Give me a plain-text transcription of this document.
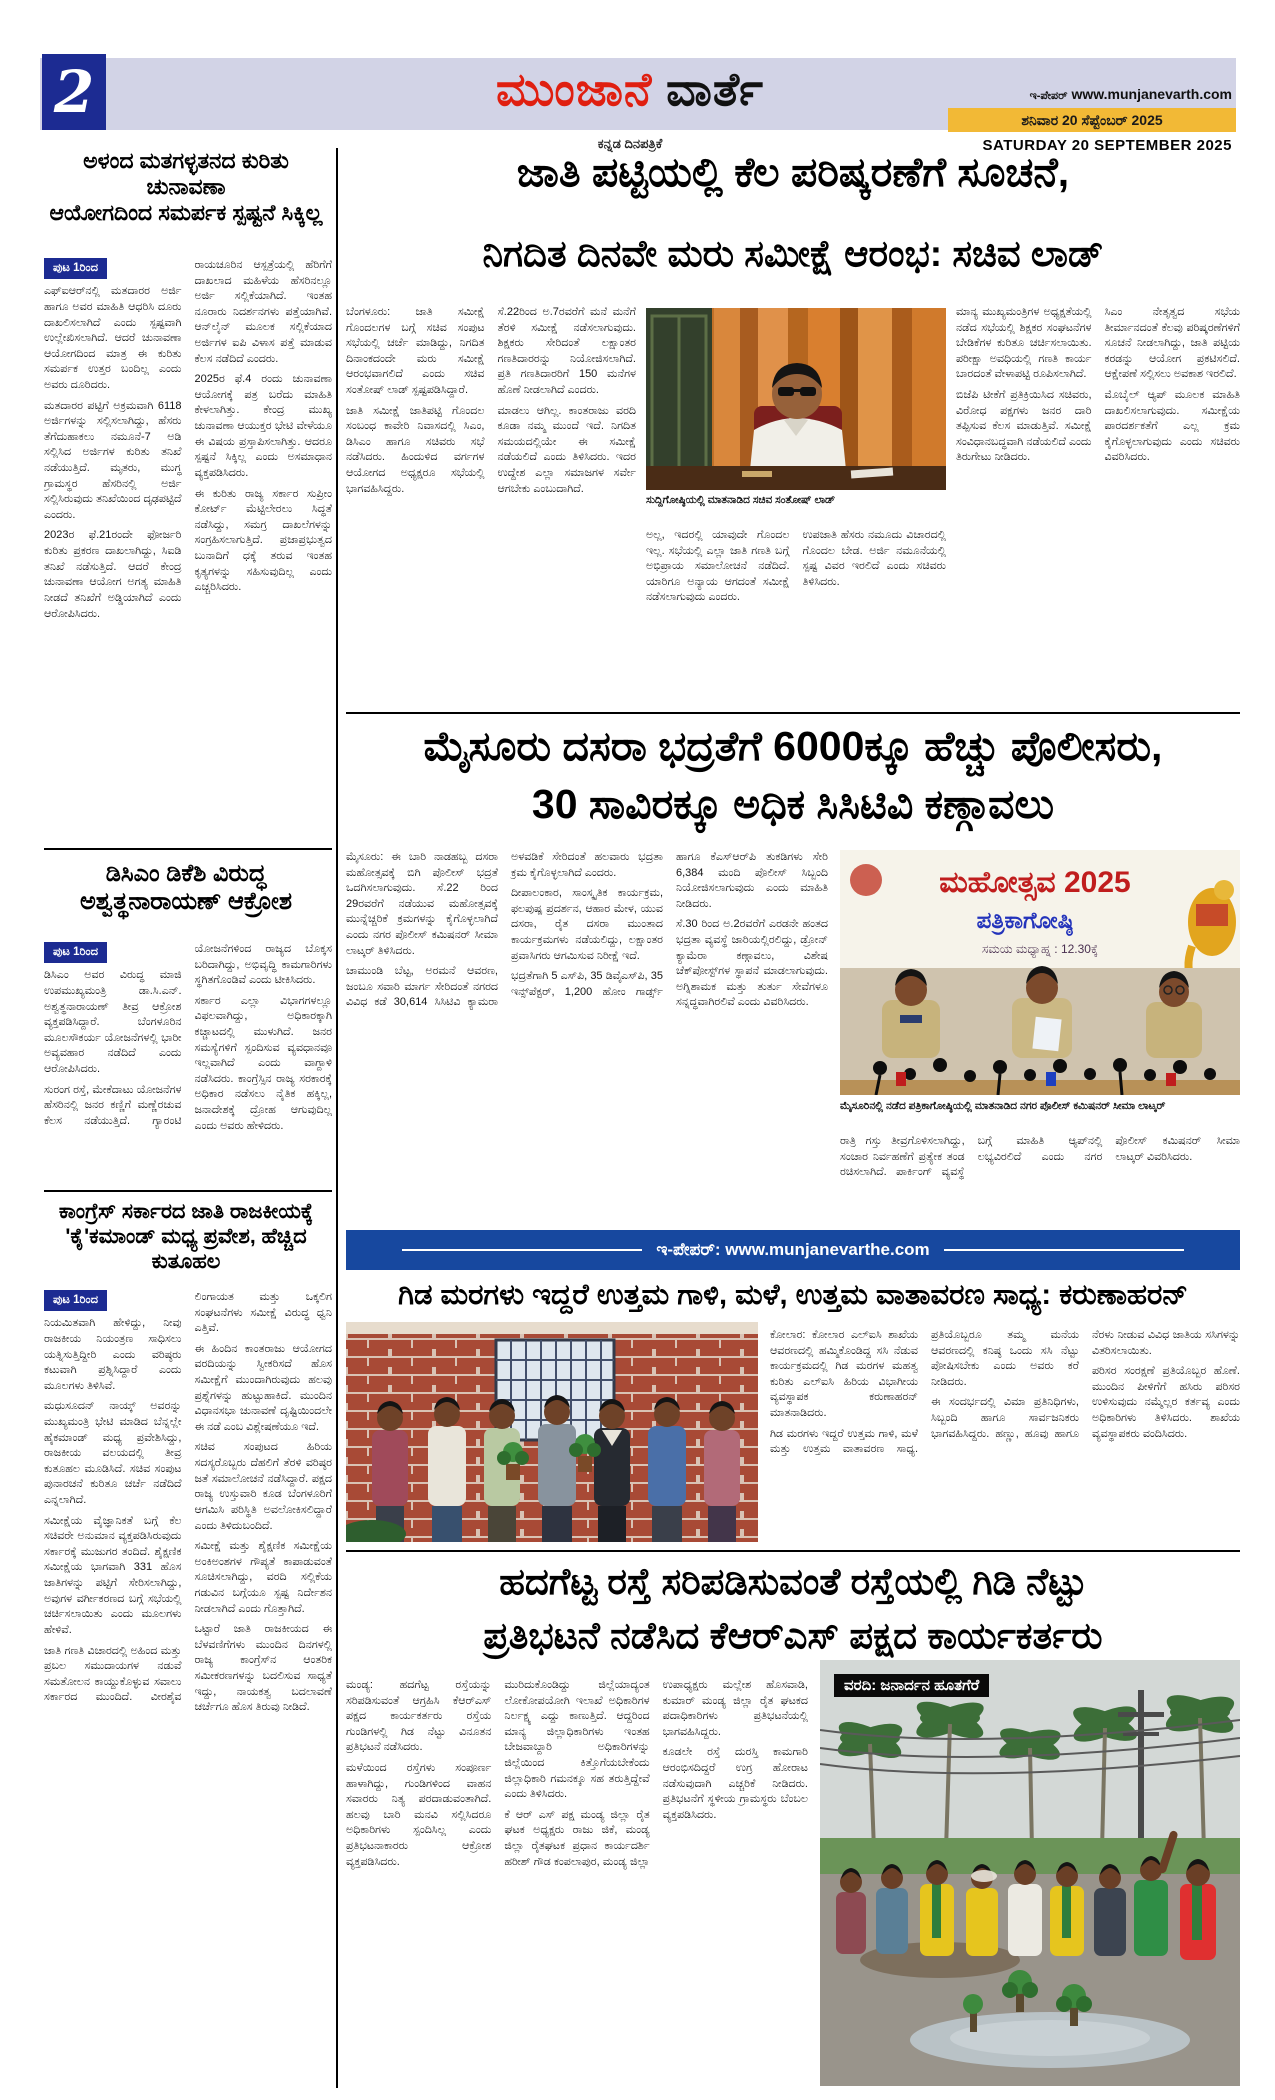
2	ಮುಂಜಾನೆ ವಾರ್ತೆ
ಕನ್ನಡ ದಿನಪತ್ರಿಕೆ
ಇ-ಪೇಪರ್ www.munjanevarth.com
ಶನಿವಾರ 20 ಸೆಪ್ಟೆಂಬರ್ 2025
SATURDAY 20 SEPTEMBER 2025
ಅಳಂದ ಮತಗಳ್ಳತನದ ಕುರಿತು ಚುನಾವಣಾ
ಆಯೋಗದಿಂದ ಸಮರ್ಪಕ ಸ್ಪಷ್ಟನೆ ಸಿಕ್ಕಿಲ್ಲ
ಪುಟ 1ರಿಂದ

ಎಫ್‌ಐಆರ್‌ನಲ್ಲಿ ಮತದಾರರ ಅರ್ಜಿ ಹಾಗೂ ಅವರ ಮಾಹಿತಿ ಆಧರಿಸಿ ದೂರು ದಾಖಲಿಸಲಾಗಿದೆ ಎಂದು ಸ್ಪಷ್ಟವಾಗಿ ಉಲ್ಲೇಖಿಸಲಾಗಿದೆ. ಆದರೆ ಚುನಾವಣಾ ಆಯೋಗದಿಂದ ಮಾತ್ರ ಈ ಕುರಿತು ಸಮರ್ಪಕ ಉತ್ತರ ಬಂದಿಲ್ಲ ಎಂದು ಅವರು ದೂರಿದರು.

ಮತದಾರರ ಪಟ್ಟಿಗೆ ಅಕ್ರಮವಾಗಿ 6118 ಅರ್ಜಿಗಳನ್ನು ಸಲ್ಲಿಸಲಾಗಿದ್ದು, ಹೆಸರು ತೆಗೆದುಹಾಕಲು ನಮೂನೆ-7 ಅಡಿ ಸಲ್ಲಿಸಿದ ಅರ್ಜಿಗಳ ಕುರಿತು ತನಿಖೆ ನಡೆಯುತ್ತಿದೆ. ಮೃತರು, ಮುಗ್ಧ ಗ್ರಾಮಸ್ಥರ ಹೆಸರಿನಲ್ಲಿ ಅರ್ಜಿ ಸಲ್ಲಿಸಿರುವುದು ತನಿಖೆಯಿಂದ ದೃಢಪಟ್ಟಿದೆ ಎಂದರು.

2023ರ ಫೆ.21ರಂದೇ ಫೋರ್ಜರಿ ಕುರಿತು ಪ್ರಕರಣ ದಾಖಲಾಗಿದ್ದು, ಸಿಐಡಿ ತನಿಖೆ ನಡೆಸುತ್ತಿದೆ. ಆದರೆ ಕೇಂದ್ರ ಚುನಾವಣಾ ಆಯೋಗ ಅಗತ್ಯ ಮಾಹಿತಿ ನೀಡದೆ ತನಿಖೆಗೆ ಅಡ್ಡಿಯಾಗಿದೆ ಎಂದು ಆರೋಪಿಸಿದರು.

ರಾಯಚೂರಿನ ಆಸ್ಪತ್ರೆಯಲ್ಲಿ ಹೆರಿಗೆಗೆ ದಾಖಲಾದ ಮಹಿಳೆಯ ಹೆಸರಿನಲ್ಲೂ ಅರ್ಜಿ ಸಲ್ಲಿಕೆಯಾಗಿದೆ. ಇಂತಹ ನೂರಾರು ನಿದರ್ಶನಗಳು ಪತ್ತೆಯಾಗಿವೆ. ಆನ್‌ಲೈನ್ ಮೂಲಕ ಸಲ್ಲಿಕೆಯಾದ ಅರ್ಜಿಗಳ ಐಪಿ ವಿಳಾಸ ಪತ್ತೆ ಮಾಡುವ ಕೆಲಸ ನಡೆದಿದೆ ಎಂದರು.

2025ರ ಫೆ.4 ರಂದು ಚುನಾವಣಾ ಆಯೋಗಕ್ಕೆ ಪತ್ರ ಬರೆದು ಮಾಹಿತಿ ಕೇಳಲಾಗಿತ್ತು. ಕೇಂದ್ರ ಮುಖ್ಯ ಚುನಾವಣಾ ಆಯುಕ್ತರ ಭೇಟಿ ವೇಳೆಯೂ ಈ ವಿಷಯ ಪ್ರಸ್ತಾಪಿಸಲಾಗಿತ್ತು. ಆದರೂ ಸ್ಪಷ್ಟನೆ ಸಿಕ್ಕಿಲ್ಲ ಎಂದು ಅಸಮಾಧಾನ ವ್ಯಕ್ತಪಡಿಸಿದರು.

ಈ ಕುರಿತು ರಾಜ್ಯ ಸರ್ಕಾರ ಸುಪ್ರೀಂ ಕೋರ್ಟ್ ಮೆಟ್ಟಿಲೇರಲು ಸಿದ್ಧತೆ ನಡೆಸಿದ್ದು, ಸಮಗ್ರ ದಾಖಲೆಗಳನ್ನು ಸಂಗ್ರಹಿಸಲಾಗುತ್ತಿದೆ. ಪ್ರಜಾಪ್ರಭುತ್ವದ ಬುನಾದಿಗೆ ಧಕ್ಕೆ ತರುವ ಇಂತಹ ಕೃತ್ಯಗಳನ್ನು ಸಹಿಸುವುದಿಲ್ಲ ಎಂದು ಎಚ್ಚರಿಸಿದರು.

ಡಿಸಿಎಂ ಡಿಕೆಶಿ ವಿರುದ್ಧ
ಅಶ್ವತ್ಥನಾರಾಯಣ್ ಆಕ್ರೋಶ
ಪುಟ 1ರಿಂದ

ಡಿಸಿಎಂ ಅವರ ವಿರುದ್ಧ ಮಾಜಿ ಉಪಮುಖ್ಯಮಂತ್ರಿ ಡಾ.ಸಿ.ಎನ್. ಅಶ್ವತ್ಥನಾರಾಯಣ್ ತೀವ್ರ ಆಕ್ರೋಶ ವ್ಯಕ್ತಪಡಿಸಿದ್ದಾರೆ. ಬೆಂಗಳೂರಿನ ಮೂಲಸೌಕರ್ಯ ಯೋಜನೆಗಳಲ್ಲಿ ಭಾರೀ ಅವ್ಯವಹಾರ ನಡೆದಿದೆ ಎಂದು ಆರೋಪಿಸಿದರು.

ಸುರಂಗ ರಸ್ತೆ, ಮೇಕೆದಾಟು ಯೋಜನೆಗಳ ಹೆಸರಿನಲ್ಲಿ ಜನರ ಕಣ್ಣಿಗೆ ಮಣ್ಣೆರಚುವ ಕೆಲಸ ನಡೆಯುತ್ತಿದೆ. ಗ್ಯಾರಂಟಿ ಯೋಜನೆಗಳಿಂದ ರಾಜ್ಯದ ಬೊಕ್ಕಸ ಬರಿದಾಗಿದ್ದು, ಅಭಿವೃದ್ಧಿ ಕಾಮಗಾರಿಗಳು ಸ್ಥಗಿತಗೊಂಡಿವೆ ಎಂದು ಟೀಕಿಸಿದರು.

ಸರ್ಕಾರ ಎಲ್ಲಾ ವಿಭಾಗಗಳಲ್ಲೂ ವಿಫಲವಾಗಿದ್ದು, ಅಧಿಕಾರಕ್ಕಾಗಿ ಕಚ್ಚಾಟದಲ್ಲಿ ಮುಳುಗಿದೆ. ಜನರ ಸಮಸ್ಯೆಗಳಿಗೆ ಸ್ಪಂದಿಸುವ ವ್ಯವಧಾನವೂ ಇಲ್ಲವಾಗಿದೆ ಎಂದು ವಾಗ್ದಾಳಿ ನಡೆಸಿದರು. ಕಾಂಗ್ರೆಸ್ಸಿನ ರಾಜ್ಯ ಸರಕಾರಕ್ಕೆ ಅಧಿಕಾರ ನಡೆಸಲು ನೈತಿಕ ಹಕ್ಕಿಲ್ಲ, ಜನಾದೇಶಕ್ಕೆ ದ್ರೋಹ ಆಗುವುದಿಲ್ಲ ಎಂದು ಅವರು ಹೇಳಿದರು.

ಕಾಂಗ್ರೆಸ್ ಸರ್ಕಾರದ ಜಾತಿ ರಾಜಕೀಯಕ್ಕೆ
'ಕೈ'ಕಮಾಂಡ್ ಮಧ್ಯ ಪ್ರವೇಶ, ಹೆಚ್ಚಿದ ಕುತೂಹಲ
ಪುಟ 1ರಿಂದ

ನಿಯಮಿತವಾಗಿ ಹೇಳಿದ್ದು, ನೀವು ರಾಜಕೀಯ ನಿಯಂತ್ರಣ ಸಾಧಿಸಲು ಯತ್ನಿಸುತ್ತಿದ್ದೀರಿ ಎಂದು ವರಿಷ್ಠರು ಕಟುವಾಗಿ ಪ್ರಶ್ನಿಸಿದ್ದಾರೆ ಎಂದು ಮೂಲಗಳು ತಿಳಿಸಿವೆ.

ಮಧುಸೂದನ್ ನಾಯ್ಕ್ ಅವರನ್ನು ಮುಖ್ಯಮಂತ್ರಿ ಭೇಟಿ ಮಾಡಿದ ಬೆನ್ನಲ್ಲೇ ಹೈಕಮಾಂಡ್ ಮಧ್ಯ ಪ್ರವೇಶಿಸಿದ್ದು, ರಾಜಕೀಯ ವಲಯದಲ್ಲಿ ತೀವ್ರ ಕುತೂಹಲ ಮೂಡಿಸಿದೆ. ಸಚಿವ ಸಂಪುಟ ಪುನಾರಚನೆ ಕುರಿತೂ ಚರ್ಚೆ ನಡೆದಿದೆ ಎನ್ನಲಾಗಿದೆ.

ಸಮೀಕ್ಷೆಯ ವೈಜ್ಞಾನಿಕತೆ ಬಗ್ಗೆ ಕೆಲ ಸಚಿವರೇ ಅನುಮಾನ ವ್ಯಕ್ತಪಡಿಸಿರುವುದು ಸರ್ಕಾರಕ್ಕೆ ಮುಜುಗರ ತಂದಿದೆ. ಶೈಕ್ಷಣಿಕ ಸಮೀಕ್ಷೆಯ ಭಾಗವಾಗಿ 331 ಹೊಸ ಜಾತಿಗಳನ್ನು ಪಟ್ಟಿಗೆ ಸೇರಿಸಲಾಗಿದ್ದು, ಅವುಗಳ ವರ್ಗೀಕರಣದ ಬಗ್ಗೆ ಸಭೆಯಲ್ಲಿ ಚರ್ಚಿಸಲಾಯಿತು ಎಂದು ಮೂಲಗಳು ಹೇಳಿವೆ.

ಜಾತಿ ಗಣತಿ ವಿಚಾರದಲ್ಲಿ ಅಹಿಂದ ಮತ್ತು ಪ್ರಬಲ ಸಮುದಾಯಗಳ ನಡುವೆ ಸಮತೋಲನ ಕಾಯ್ದುಕೊಳ್ಳುವ ಸವಾಲು ಸರ್ಕಾರದ ಮುಂದಿದೆ. ವೀರಶೈವ ಲಿಂಗಾಯತ ಮತ್ತು ಒಕ್ಕಲಿಗ ಸಂಘಟನೆಗಳು ಸಮೀಕ್ಷೆ ವಿರುದ್ಧ ಧ್ವನಿ ಎತ್ತಿವೆ.

ಈ ಹಿಂದಿನ ಕಾಂತರಾಜು ಆಯೋಗದ ವರದಿಯನ್ನು ಸ್ವೀಕರಿಸದೆ ಹೊಸ ಸಮೀಕ್ಷೆಗೆ ಮುಂದಾಗಿರುವುದು ಹಲವು ಪ್ರಶ್ನೆಗಳನ್ನು ಹುಟ್ಟುಹಾಕಿದೆ. ಮುಂದಿನ ವಿಧಾನಸಭಾ ಚುನಾವಣೆ ದೃಷ್ಟಿಯಿಂದಲೇ ಈ ನಡೆ ಎಂಬ ವಿಶ್ಲೇಷಣೆಯೂ ಇದೆ.

ಸಚಿವ ಸಂಪುಟದ ಹಿರಿಯ ಸದಸ್ಯರೊಬ್ಬರು ದೆಹಲಿಗೆ ತೆರಳಿ ವರಿಷ್ಠರ ಜತೆ ಸಮಾಲೋಚನೆ ನಡೆಸಿದ್ದಾರೆ. ಪಕ್ಷದ ರಾಜ್ಯ ಉಸ್ತುವಾರಿ ಕೂಡ ಬೆಂಗಳೂರಿಗೆ ಆಗಮಿಸಿ ಪರಿಸ್ಥಿತಿ ಅವಲೋಕಿಸಲಿದ್ದಾರೆ ಎಂದು ತಿಳಿದುಬಂದಿದೆ.

ಸಮೀಕ್ಷೆ ಮತ್ತು ಶೈಕ್ಷಣಿಕ ಸಮೀಕ್ಷೆಯ ಅಂಕಿಅಂಶಗಳ ಗೌಪ್ಯತೆ ಕಾಪಾಡುವಂತೆ ಸೂಚಿಸಲಾಗಿದ್ದು, ವರದಿ ಸಲ್ಲಿಕೆಯ ಗಡುವಿನ ಬಗ್ಗೆಯೂ ಸ್ಪಷ್ಟ ನಿರ್ದೇಶನ ನೀಡಲಾಗಿದೆ ಎಂದು ಗೊತ್ತಾಗಿದೆ.

ಒಟ್ಟಾರೆ ಜಾತಿ ರಾಜಕೀಯದ ಈ ಬೆಳವಣಿಗೆಗಳು ಮುಂದಿನ ದಿನಗಳಲ್ಲಿ ರಾಜ್ಯ ಕಾಂಗ್ರೆಸ್‌ನ ಆಂತರಿಕ ಸಮೀಕರಣಗಳನ್ನು ಬದಲಿಸುವ ಸಾಧ್ಯತೆ ಇದ್ದು, ನಾಯಕತ್ವ ಬದಲಾವಣೆ ಚರ್ಚೆಗೂ ಹೊಸ ತಿರುವು ನೀಡಿದೆ.

ಜಾತಿ ಪಟ್ಟಿಯಲ್ಲಿ ಕೆಲ ಪರಿಷ್ಕರಣೆಗೆ ಸೂಚನೆ,
ನಿಗದಿತ ದಿನವೇ ಮರು ಸಮೀಕ್ಷೆ ಆರಂಭ: ಸಚಿವ ಲಾಡ್

ಬೆಂಗಳೂರು: ಜಾತಿ ಸಮೀಕ್ಷೆ ಗೊಂದಲಗಳ ಬಗ್ಗೆ ಸಚಿವ ಸಂಪುಟ ಸಭೆಯಲ್ಲಿ ಚರ್ಚೆ ಮಾಡಿದ್ದು, ನಿಗದಿತ ದಿನಾಂಕದಂದೇ ಮರು ಸಮೀಕ್ಷೆ ಆರಂಭವಾಗಲಿದೆ ಎಂದು ಸಚಿವ ಸಂತೋಷ್ ಲಾಡ್ ಸ್ಪಷ್ಟಪಡಿಸಿದ್ದಾರೆ.

ಜಾತಿ ಸಮೀಕ್ಷೆ ಜಾತಿಪಟ್ಟಿ ಗೊಂದಲ ಸಂಬಂಧ ಕಾವೇರಿ ನಿವಾಸದಲ್ಲಿ ಸಿಎಂ, ಡಿಸಿಎಂ ಹಾಗೂ ಸಚಿವರು ಸಭೆ ನಡೆಸಿದರು. ಹಿಂದುಳಿದ ವರ್ಗಗಳ ಆಯೋಗದ ಅಧ್ಯಕ್ಷರೂ ಸಭೆಯಲ್ಲಿ ಭಾಗವಹಿಸಿದ್ದರು.

ಸೆ.22ರಿಂದ ಅ.7ರವರೆಗೆ ಮನೆ ಮನೆಗೆ ತೆರಳಿ ಸಮೀಕ್ಷೆ ನಡೆಸಲಾಗುವುದು. ಶಿಕ್ಷಕರು ಸೇರಿದಂತೆ ಲಕ್ಷಾಂತರ ಗಣತಿದಾರರನ್ನು ನಿಯೋಜಿಸಲಾಗಿದೆ. ಪ್ರತಿ ಗಣತಿದಾರರಿಗೆ 150 ಮನೆಗಳ ಹೊಣೆ ನೀಡಲಾಗಿದೆ ಎಂದರು.

ಮಾಡಲು ಆಗಿಲ್ಲ. ಕಾಂತರಾಜು ವರದಿ ಕೂಡಾ ನಮ್ಮ ಮುಂದೆ ಇದೆ. ನಿಗದಿತ ಸಮಯದಲ್ಲಿಯೇ ಈ ಸಮೀಕ್ಷೆ ನಡೆಯಲಿದೆ ಎಂದು ತಿಳಿಸಿದರು. ಇದರ ಉದ್ದೇಶ ಎಲ್ಲಾ ಸಮಾಜಗಳ ಸರ್ವೇ ಆಗಬೇಕು ಎಂಬುದಾಗಿದೆ.

ಸುದ್ದಿಗೋಷ್ಠಿಯಲ್ಲಿ ಮಾತನಾಡಿದ ಸಚಿವ ಸಂತೋಷ್ ಲಾಡ್

ಅಲ್ಲ, ಇದರಲ್ಲಿ ಯಾವುದೇ ಗೊಂದಲ ಇಲ್ಲ. ಸಭೆಯಲ್ಲಿ ಎಲ್ಲಾ ಜಾತಿ ಗಣತಿ ಬಗ್ಗೆ ಅಭಿಪ್ರಾಯ ಸಮಾಲೋಚನೆ ನಡೆದಿದೆ. ಯಾರಿಗೂ ಅನ್ಯಾಯ ಆಗದಂತೆ ಸಮೀಕ್ಷೆ ನಡೆಸಲಾಗುವುದು ಎಂದರು.

ಉಪಜಾತಿ ಹೆಸರು ನಮೂದು ವಿಚಾರದಲ್ಲಿ ಗೊಂದಲ ಬೇಡ. ಅರ್ಜಿ ನಮೂನೆಯಲ್ಲಿ ಸ್ಪಷ್ಟ ವಿವರ ಇರಲಿದೆ ಎಂದು ಸಚಿವರು ತಿಳಿಸಿದರು.

ಮಾನ್ಯ ಮುಖ್ಯಮಂತ್ರಿಗಳ ಅಧ್ಯಕ್ಷತೆಯಲ್ಲಿ ನಡೆದ ಸಭೆಯಲ್ಲಿ ಶಿಕ್ಷಕರ ಸಂಘಟನೆಗಳ ಬೇಡಿಕೆಗಳ ಕುರಿತೂ ಚರ್ಚಿಸಲಾಯಿತು. ಪರೀಕ್ಷಾ ಅವಧಿಯಲ್ಲಿ ಗಣತಿ ಕಾರ್ಯ ಬಾರದಂತೆ ವೇಳಾಪಟ್ಟಿ ರೂಪಿಸಲಾಗಿದೆ.

ಬಿಜೆಪಿ ಟೀಕೆಗೆ ಪ್ರತಿಕ್ರಿಯಿಸಿದ ಸಚಿವರು, ವಿರೋಧ ಪಕ್ಷಗಳು ಜನರ ದಾರಿ ತಪ್ಪಿಸುವ ಕೆಲಸ ಮಾಡುತ್ತಿವೆ. ಸಮೀಕ್ಷೆ ಸಂವಿಧಾನಬದ್ಧವಾಗಿ ನಡೆಯಲಿದೆ ಎಂದು ತಿರುಗೇಟು ನೀಡಿದರು.

ಸಿಎಂ ನೇತೃತ್ವದ ಸಭೆಯ ತೀರ್ಮಾನದಂತೆ ಕೆಲವು ಪರಿಷ್ಕರಣೆಗಳಿಗೆ ಸೂಚನೆ ನೀಡಲಾಗಿದ್ದು, ಜಾತಿ ಪಟ್ಟಿಯ ಕರಡನ್ನು ಆಯೋಗ ಪ್ರಕಟಿಸಲಿದೆ. ಆಕ್ಷೇಪಣೆ ಸಲ್ಲಿಸಲು ಅವಕಾಶ ಇರಲಿದೆ.

ಮೊಬೈಲ್ ಆ್ಯಪ್ ಮೂಲಕ ಮಾಹಿತಿ ದಾಖಲಿಸಲಾಗುವುದು. ಸಮೀಕ್ಷೆಯ ಪಾರದರ್ಶಕತೆಗೆ ಎಲ್ಲ ಕ್ರಮ ಕೈಗೊಳ್ಳಲಾಗುವುದು ಎಂದು ಸಚಿವರು ವಿವರಿಸಿದರು.

ಮೈಸೂರು ದಸರಾ ಭದ್ರತೆಗೆ 6000ಕ್ಕೂ ಹೆಚ್ಚು ಪೊಲೀಸರು,
30 ಸಾವಿರಕ್ಕೂ ಅಧಿಕ ಸಿಸಿಟಿವಿ ಕಣ್ಗಾವಲು

ಮೈಸೂರು: ಈ ಬಾರಿ ನಾಡಹಬ್ಬ ದಸರಾ ಮಹೋತ್ಸವಕ್ಕೆ ಬಿಗಿ ಪೊಲೀಸ್ ಭದ್ರತೆ ಒದಗಿಸಲಾಗುವುದು. ಸೆ.22 ರಿಂದ 29ರವರೆಗೆ ನಡೆಯುವ ಮಹೋತ್ಸವಕ್ಕೆ ಮುನ್ನೆಚ್ಚರಿಕೆ ಕ್ರಮಗಳನ್ನು ಕೈಗೊಳ್ಳಲಾಗಿದೆ ಎಂದು ನಗರ ಪೊಲೀಸ್ ಕಮಿಷನರ್ ಸೀಮಾ ಲಾಟ್ಕರ್ ತಿಳಿಸಿದರು.

ಚಾಮುಂಡಿ ಬೆಟ್ಟ, ಅರಮನೆ ಆವರಣ, ಜಂಬೂ ಸವಾರಿ ಮಾರ್ಗ ಸೇರಿದಂತೆ ನಗರದ ವಿವಿಧ ಕಡೆ 30,614 ಸಿಸಿಟಿವಿ ಕ್ಯಾಮರಾ ಅಳವಡಿಕೆ ಸೇರಿದಂತೆ ಹಲವಾರು ಭದ್ರತಾ ಕ್ರಮ ಕೈಗೊಳ್ಳಲಾಗಿದೆ ಎಂದರು.

ದೀಪಾಲಂಕಾರ, ಸಾಂಸ್ಕೃತಿಕ ಕಾರ್ಯಕ್ರಮ, ಫಲಪುಷ್ಪ ಪ್ರದರ್ಶನ, ಆಹಾರ ಮೇಳ, ಯುವ ದಸರಾ, ರೈತ ದಸರಾ ಮುಂತಾದ ಕಾರ್ಯಕ್ರಮಗಳು ನಡೆಯಲಿದ್ದು, ಲಕ್ಷಾಂತರ ಪ್ರವಾಸಿಗರು ಆಗಮಿಸುವ ನಿರೀಕ್ಷೆ ಇದೆ.

ಭದ್ರತೆಗಾಗಿ 5 ಎಸ್‌ಪಿ, 35 ಡಿವೈಎಸ್‌ಪಿ, 35 ಇನ್ಸ್‌ಪೆಕ್ಟರ್, 1,200 ಹೋಂ ಗಾರ್ಡ್ಸ್ ಹಾಗೂ ಕೆಎಸ್‌ಆರ್‌ಪಿ ತುಕಡಿಗಳು ಸೇರಿ 6,384 ಮಂದಿ ಪೊಲೀಸ್ ಸಿಬ್ಬಂದಿ ನಿಯೋಜಿಸಲಾಗುವುದು ಎಂದು ಮಾಹಿತಿ ನೀಡಿದರು.

ಸೆ.30 ರಿಂದ ಅ.2ರವರೆಗೆ ಎರಡನೇ ಹಂತದ ಭದ್ರತಾ ವ್ಯವಸ್ಥೆ ಜಾರಿಯಲ್ಲಿರಲಿದ್ದು, ಡ್ರೋನ್ ಕ್ಯಾಮೆರಾ ಕಣ್ಗಾವಲು, ವಿಶೇಷ ಚೆಕ್‌ಪೋಸ್ಟ್‌ಗಳ ಸ್ಥಾಪನೆ ಮಾಡಲಾಗುವುದು. ಅಗ್ನಿಶಾಮಕ ಮತ್ತು ತುರ್ತು ಸೇವೆಗಳೂ ಸನ್ನದ್ಧವಾಗಿರಲಿವೆ ಎಂದು ವಿವರಿಸಿದರು.

ಮಹೋತ್ಸವ 2025
ಪತ್ರಿಕಾಗೋಷ್ಠಿ
ಸಮಯ ಮಧ್ಯಾಹ್ನ : 12.30ಕ್ಕೆ
ಮೈಸೂರಿನಲ್ಲಿ ನಡೆದ ಪತ್ರಿಕಾಗೋಷ್ಠಿಯಲ್ಲಿ ಮಾತನಾಡಿದ ನಗರ ಪೊಲೀಸ್ ಕಮಿಷನರ್ ಸೀಮಾ ಲಾಟ್ಕರ್

ರಾತ್ರಿ ಗಸ್ತು ತೀವ್ರಗೊಳಿಸಲಾಗಿದ್ದು, ಸಂಚಾರ ನಿರ್ವಹಣೆಗೆ ಪ್ರತ್ಯೇಕ ತಂಡ ರಚಿಸಲಾಗಿದೆ. ಪಾರ್ಕಿಂಗ್ ವ್ಯವಸ್ಥೆ ಬಗ್ಗೆ ಮಾಹಿತಿ ಆ್ಯಪ್‌ನಲ್ಲಿ ಲಭ್ಯವಿರಲಿದೆ ಎಂದು ನಗರ ಪೊಲೀಸ್ ಕಮಿಷನರ್ ಸೀಮಾ ಲಾಟ್ಕರ್ ವಿವರಿಸಿದರು.

ಇ-ಪೇಪರ್: www.munjanevarthe.com
ಗಿಡ ಮರಗಳು ಇದ್ದರೆ ಉತ್ತಮ ಗಾಳಿ, ಮಳೆ, ಉತ್ತಮ ವಾತಾವರಣ ಸಾಧ್ಯ: ಕರುಣಾಹರನ್

ಕೋಲಾರ: ಕೋಲಾರ ಎಲ್‌ಐಸಿ ಶಾಖೆಯ ಆವರಣದಲ್ಲಿ ಹಮ್ಮಿಕೊಂಡಿದ್ದ ಸಸಿ ನೆಡುವ ಕಾರ್ಯಕ್ರಮದಲ್ಲಿ ಗಿಡ ಮರಗಳ ಮಹತ್ವ ಕುರಿತು ಎಲ್‌ಐಸಿ ಹಿರಿಯ ವಿಭಾಗೀಯ ವ್ಯವಸ್ಥಾಪಕ ಕರುಣಾಹರನ್ ಮಾತನಾಡಿದರು.

ಗಿಡ ಮರಗಳು ಇದ್ದರೆ ಉತ್ತಮ ಗಾಳಿ, ಮಳೆ ಮತ್ತು ಉತ್ತಮ ವಾತಾವರಣ ಸಾಧ್ಯ. ಪ್ರತಿಯೊಬ್ಬರೂ ತಮ್ಮ ಮನೆಯ ಆವರಣದಲ್ಲಿ ಕನಿಷ್ಠ ಒಂದು ಸಸಿ ನೆಟ್ಟು ಪೋಷಿಸಬೇಕು ಎಂದು ಅವರು ಕರೆ ನೀಡಿದರು.

ಈ ಸಂದರ್ಭದಲ್ಲಿ ವಿಮಾ ಪ್ರತಿನಿಧಿಗಳು, ಸಿಬ್ಬಂದಿ ಹಾಗೂ ಸಾರ್ವಜನಿಕರು ಭಾಗವಹಿಸಿದ್ದರು. ಹಣ್ಣು, ಹೂವು ಹಾಗೂ ನೆರಳು ನೀಡುವ ವಿವಿಧ ಜಾತಿಯ ಸಸಿಗಳನ್ನು ವಿತರಿಸಲಾಯಿತು.

ಪರಿಸರ ಸಂರಕ್ಷಣೆ ಪ್ರತಿಯೊಬ್ಬರ ಹೊಣೆ. ಮುಂದಿನ ಪೀಳಿಗೆಗೆ ಹಸಿರು ಪರಿಸರ ಉಳಿಸುವುದು ನಮ್ಮೆಲ್ಲರ ಕರ್ತವ್ಯ ಎಂದು ಅಧಿಕಾರಿಗಳು ತಿಳಿಸಿದರು. ಶಾಖೆಯ ವ್ಯವಸ್ಥಾಪಕರು ವಂದಿಸಿದರು.

ಹದಗೆಟ್ಟ ರಸ್ತೆ ಸರಿಪಡಿಸುವಂತೆ ರಸ್ತೆಯಲ್ಲಿ ಗಿಡಿ ನೆಟ್ಟು
ಪ್ರತಿಭಟನೆ ನಡೆಸಿದ ಕೆಆರ್‌ಎಸ್ ಪಕ್ಷದ ಕಾರ್ಯಕರ್ತರು

ಮಂಡ್ಯ: ಹದಗೆಟ್ಟ ರಸ್ತೆಯನ್ನು ಸರಿಪಡಿಸುವಂತೆ ಆಗ್ರಹಿಸಿ ಕೆಆರ್‌ಎಸ್ ಪಕ್ಷದ ಕಾರ್ಯಕರ್ತರು ರಸ್ತೆಯ ಗುಂಡಿಗಳಲ್ಲಿ ಗಿಡ ನೆಟ್ಟು ವಿನೂತನ ಪ್ರತಿಭಟನೆ ನಡೆಸಿದರು.

ಮಳೆಯಿಂದ ರಸ್ತೆಗಳು ಸಂಪೂರ್ಣ ಹಾಳಾಗಿದ್ದು, ಗುಂಡಿಗಳಿಂದ ವಾಹನ ಸವಾರರು ನಿತ್ಯ ಪರದಾಡುವಂತಾಗಿದೆ. ಹಲವು ಬಾರಿ ಮನವಿ ಸಲ್ಲಿಸಿದರೂ ಅಧಿಕಾರಿಗಳು ಸ್ಪಂದಿಸಿಲ್ಲ ಎಂದು ಪ್ರತಿಭಟನಾಕಾರರು ಆಕ್ರೋಶ ವ್ಯಕ್ತಪಡಿಸಿದರು.

ಮುರಿದುಕೊಂಡಿದ್ದು ಜಿಲ್ಲೆಯಾದ್ಯಂತ ಲೋಕೋಪಯೋಗಿ ಇಲಾಖೆ ಅಧಿಕಾರಿಗಳ ನಿರ್ಲಕ್ಷ್ಯ ಎದ್ದು ಕಾಣುತ್ತಿದೆ. ಆದ್ದರಿಂದ ಮಾನ್ಯ ಜಿಲ್ಲಾಧಿಕಾರಿಗಳು ಇಂತಹ ಬೇಜವಾಬ್ದಾರಿ ಅಧಿಕಾರಿಗಳನ್ನು ಜಿಲ್ಲೆಯಿಂದ ಕಿತ್ತೊಗೆಯಬೇಕೆಂದು ಜಿಲ್ಲಾಧಿಕಾರಿ ಗಮನಕ್ಕೂ ಸಹ ತರುತ್ತಿದ್ದೇವೆ ಎಂದು ತಿಳಿಸಿದರು.

ಕೆ ಆರ್ ಎಸ್ ಪಕ್ಷ ಮಂಡ್ಯ ಜಿಲ್ಲಾ ರೈತ ಘಟಕ ಅಧ್ಯಕ್ಷರು ರಾಜು ಜಿಕೆ, ಮಂಡ್ಯ ಜಿಲ್ಲಾ ರೈತಘಟಕ ಪ್ರಧಾನ ಕಾರ್ಯದರ್ಶಿ ಹರೀಶ್ ಗೌಡ ಕಂಪಲಾಪುರ, ಮಂಡ್ಯ ಜಿಲ್ಲಾ ಉಪಾಧ್ಯಕ್ಷರು ಮಲ್ಲೇಶ ಹೊಸವಾಡಿ, ಕುಮಾರ್ ಮಂಡ್ಯ ಜಿಲ್ಲಾ ರೈತ ಘಟಕದ ಪದಾಧಿಕಾರಿಗಳು ಪ್ರತಿಭಟನೆಯಲ್ಲಿ ಭಾಗವಹಿಸಿದ್ದರು.

ಕೂಡಲೇ ರಸ್ತೆ ದುರಸ್ತಿ ಕಾಮಗಾರಿ ಆರಂಭಿಸದಿದ್ದರೆ ಉಗ್ರ ಹೋರಾಟ ನಡೆಸುವುದಾಗಿ ಎಚ್ಚರಿಕೆ ನೀಡಿದರು. ಪ್ರತಿಭಟನೆಗೆ ಸ್ಥಳೀಯ ಗ್ರಾಮಸ್ಥರು ಬೆಂಬಲ ವ್ಯಕ್ತಪಡಿಸಿದರು.

ವರದಿ: ಜನಾರ್ದನ ಹೂತಗೆರೆ
